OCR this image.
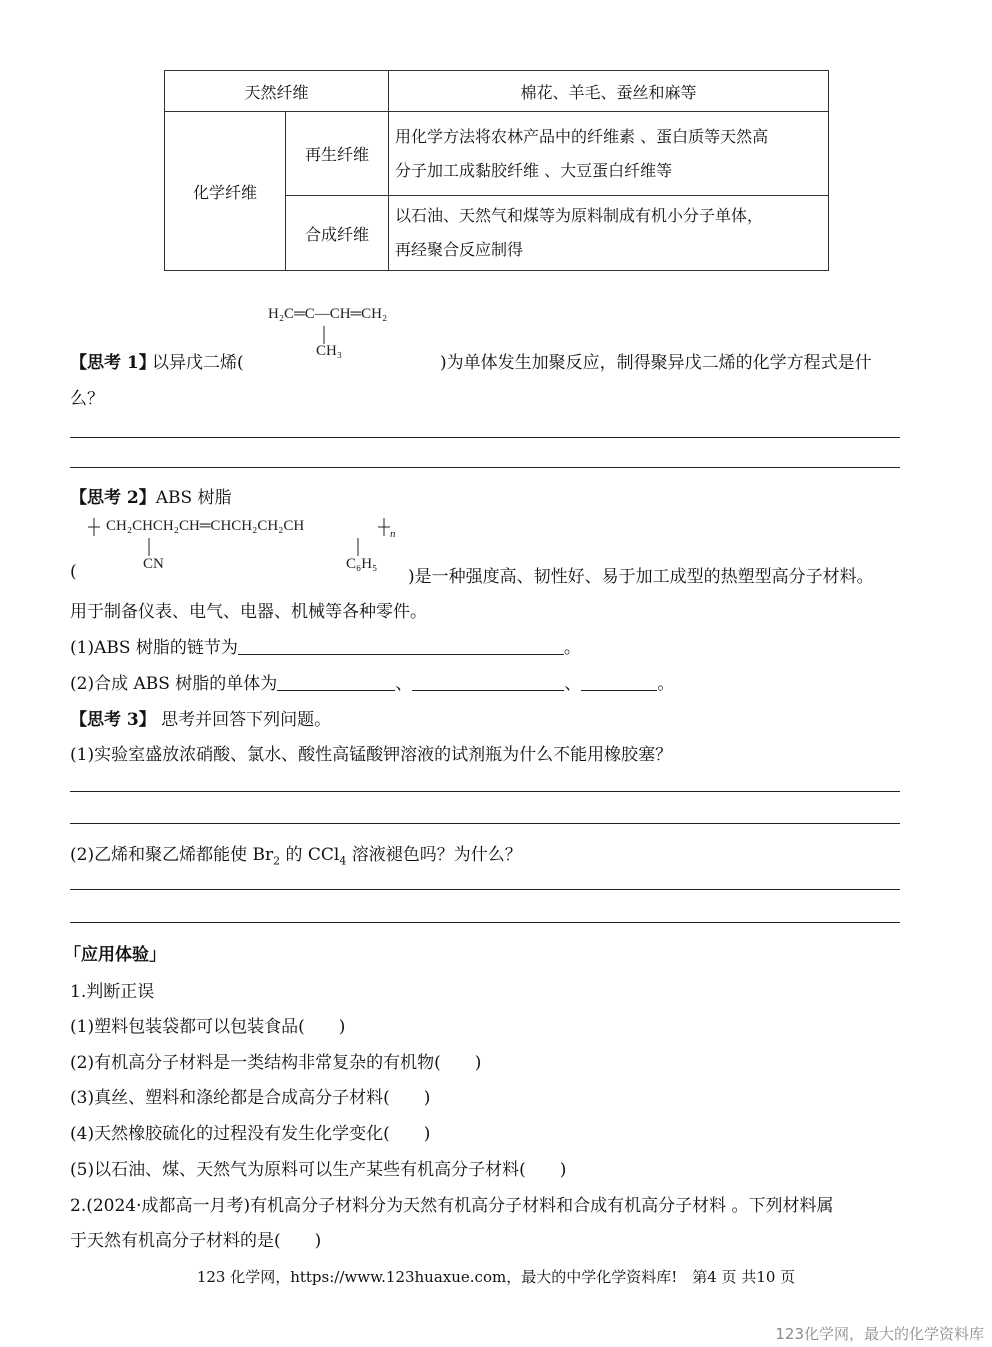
天然纤维		棉花、羊毛、蚕丝和麻等
化学纤维	再生纤维	用化学方法将农林产品中的纤维素 、蛋白质等天然高
分子加工成黏胶纤维 、大豆蛋白纤维等

	合成纤维	以石油、天然气和煤等为原料制成有机小分子单体，
再经聚合反应制得
H₂C═C—CH═CH₂
CH₃
【思考 1】
以异戊二烯(	)为单体发生加聚反应，制得聚异戊二烯的化学方程式是什
么？
【思考 2】ABS 树脂
CH₂CHCH₂CH═CHCH₂CH₂CH	n
CN	C₆H₅
(	)是一种强度高、韧性好、易于加工成型的热塑型高分子材料。
用于制备仪表、电气、电器、机械等各种零件。
(1)ABS 树脂的链节为	。
(2)合成 ABS 树脂的单体为	、	、	。
【思考 3】 思考并回答下列问题。
(1)实验室盛放浓硝酸、氯水、酸性高锰酸钾溶液的试剂瓶为什么不能用橡胶塞？
(2)乙烯和聚乙烯都能使 $Br_2$ 的 CCl$_4$ 溶液褪色吗？为什么？
「应用体验」
1.判断正误
(1)塑料包装袋都可以包装食品(　　)
(2)有机高分子材料是一类结构非常复杂的有机物(　　)
(3)真丝、塑料和涤纶都是合成高分子材料(　　)
(4)天然橡胶硫化的过程没有发生化学变化(　　)
(5)以石油、煤、天然气为原料可以生产某些有机高分子材料(　　)
2.(2024·成都高一月考)有机高分子材料分为天然有机高分子材料和合成有机高分子材料 。下列材料属
于天然有机高分子材料的是(　　)
123 化学网，https://www.123huaxue.com，最大的中学化学资料库!　第4 页 共10 页
123化学网，最大的化学资料库
